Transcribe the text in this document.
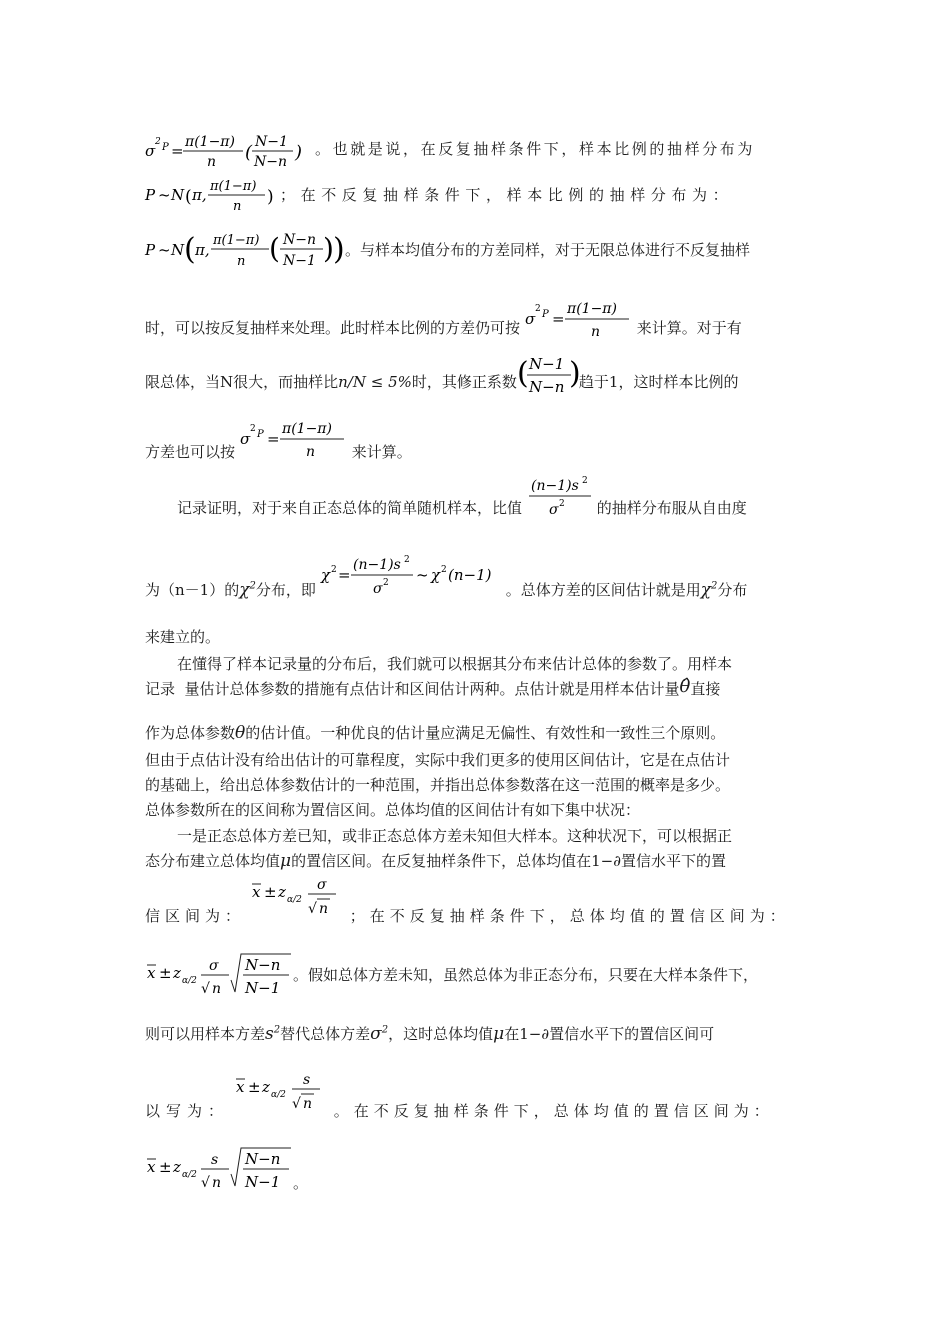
σ 2 P = π(1−π)
n ( N−1
N−n ) 。也就是说，在反复抽样条件下，样本比例的抽样分布为
P ~ N ( π, π(1−π)
n ) ；在不反复抽样条件下，样本比例的抽样分布为：
P ~ N ( π,
π(1−π)
n ( N−n
N−1 ) ) 。与样本均值分布的方差同样，对于无限总体进行不反复抽样
时，可以按反复抽样来处理。此时样本比例的方差仍可按 σ
2 P =
π(1−π)
n 来计算。对于有
限总体，当N很大，而抽样比n/N ≤ 5%时，其修正系数 ( N−1
N−n )
趋于1，这时样本比例的
方差也可以按
σ
2 P =
π(1−π)
n 来计算。
记录证明，对于来自正态总体的简单随机样本，比值
(n−1)s 2
σ 2 的抽样分布服从自由度
为（n－1）的$\chi^2$分布，即
χ 2 =
(n−1)s 2
σ 2 ~ χ 2 (n−1)
。总体方差的区间估计就是用$\chi^2$分布
来建立的。
在懂得了样本记录量的分布后，我们就可以根据其分布来估计总体的参数了。用样本
记录  量估计总体参数的措施有点估计和区间估计两种。点估计就是用样本估计量θ̂直接
作为总体参数θ的估计值。一种优良的估计量应满足无偏性、有效性和一致性三个原则。
但由于点估计没有给出估计的可靠程度，实际中我们更多的使用区间估计，它是在点估计
的基础上，给出总体参数估计的一种范围，并指出总体参数落在这一范围的概率是多少。
总体参数所在的区间称为置信区间。总体均值的区间估计有如下集中状况：
一是正态总体方差已知，或非正态总体方差未知但大样本。这种状况下，可以根据正
态分布建立总体均值μ的置信区间。在反复抽样条件下，总体均值在1−∂置信水平下的置
信区间为：
x ± z α/2
σ
√ n ；在不反复抽样条件下，总体均值的置信区间为：
x ± z α/2
σ
√ n
N−n
N−1
。假如总体方差未知，虽然总体为非正态分布，只要在大样本条件下，
则可以用样本方差$s^2$替代总体方差$\sigma^2$，这时总体均值μ在1−∂置信水平下的置信区间可
以写为：
x ± z α/2
s
√ n 。在不反复抽样条件下，总体均值的置信区间为：
x ± z α/2
s
√ n
N−n
N−1 。
